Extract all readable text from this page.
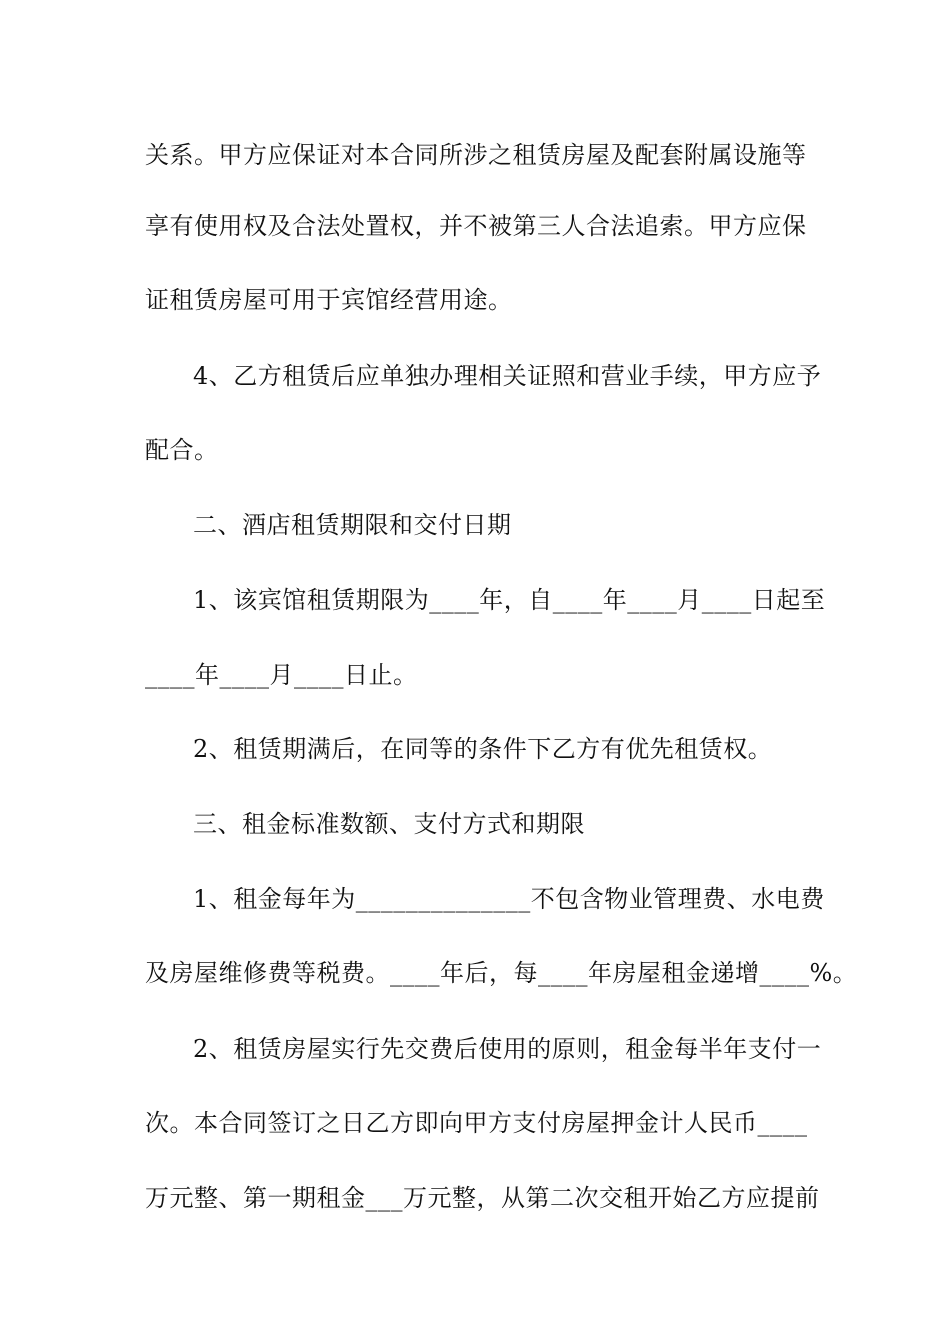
关系。甲方应保证对本合同所涉之租赁房屋及配套附属设施等
享有使用权及合法处置权，并不被第三人合法追索。甲方应保
证租赁房屋可用于宾馆经营用途。
4、乙方租赁后应单独办理相关证照和营业手续，甲方应予
配合。
二、酒店租赁期限和交付日期
1、该宾馆租赁期限为____年，自____年____月____日起至
____年____月____日止。
2、租赁期满后，在同等的条件下乙方有优先租赁权。
三、租金标准数额、支付方式和期限
1、租金每年为______________不包含物业管理费、水电费
及房屋维修费等税费。____年后，每____年房屋租金递增____%。
2、租赁房屋实行先交费后使用的原则，租金每半年支付一
次。本合同签订之日乙方即向甲方支付房屋押金计人民币____
万元整、第一期租金___万元整，从第二次交租开始乙方应提前
